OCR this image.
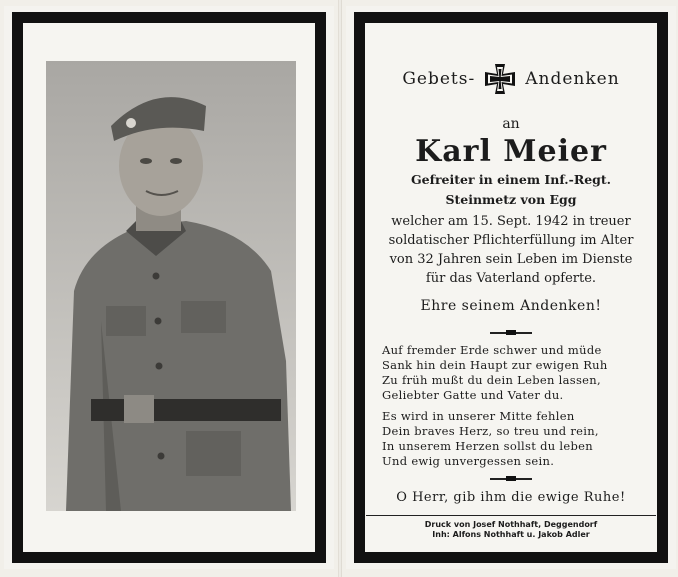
Gebets-	Andenken
an
Karl Meier
Gefreiter in einem Inf.-Regt.
Steinmetz von Egg
welcher am 15. Sept. 1942 in treuer
soldatischer Pflichterfüllung im Alter
von 32 Jahren sein Leben im Dienste
für das Vaterland opferte.
Ehre seinem Andenken!
Auf fremder Erde schwer und müde
Sank hin dein Haupt zur ewigen Ruh
Zu früh mußt du dein Leben lassen,
Geliebter Gatte und Vater du.
Es wird in unserer Mitte fehlen
Dein braves Herz, so treu und rein,
In unserem Herzen sollst du leben
Und ewig unvergessen sein.
O Herr, gib ihm die ewige Ruhe!
Druck von Josef Nothhaft, Deggendorf
Inh: Alfons Nothhaft u. Jakob Adler
